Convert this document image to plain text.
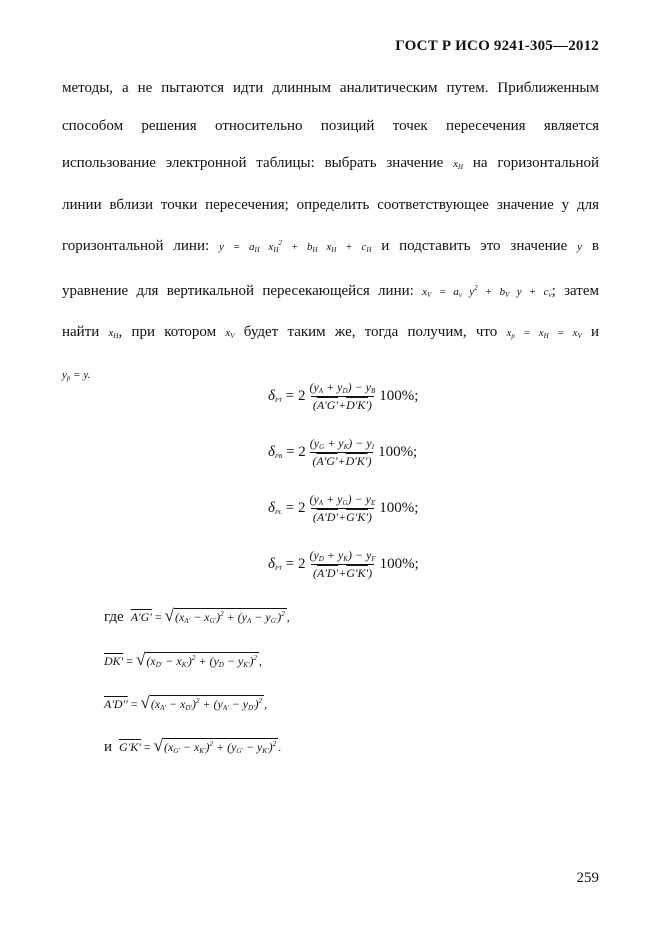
ГОСТ Р ИСО 9241-305—2012
методы, а не пытаются идти длинным аналитическим путем. Приближенным
способом решения относительно позиций точек пересечения является
использование электронной таблицы: выбрать значение $x_H$ на горизонтальной
линии вблизи точки пересечения; определить соответствующее значение y для
горизонтальной лини: $y = a_H$ $x_H^2 + b_H$ $x_H + c_H$ и подставить это значение y в
уравнение для вертикальной пересекающейся лини: $x_V = a_v$ $y^2 + b_V$ $y + c_v$; затем
найти $x_H$, при котором $x_V$ будет таким же, тогда получим, что $x_p = x_H = x_V$ и
$y_p = y$.
$\delta_{PT} = 2 \frac{(y_A + y_D) - y_B}{(A'G'+D'K')} 100\%$;
$\delta_{PB} = 2 \frac{(y_G + y_K) - y_I}{(A'G'+D'K')} 100\%$;
$\delta_{PL} = 2 \frac{(y_A + y_G) - y_E}{(A'D'+G'K')} 100\%$;
$\delta_{PT} = 2 \frac{(y_D + y_K) - y_F}{(A'D'+G'K')} 100\%$;
где $A'G' = √(x_{A'} - x_{G'})^2 + (y_A - y_{G'})^2$ ,
$DK' = √(x_{D'} - x_{K'})^2 + (y_D - y_{K'})^2$ ,
$A'D'' = √(x_{A'} - x_{D'})^2 + (y_{A'} - y_{D'})^2$ ,
и $G'K' = √(x_{G'} - x_{K'})^2 + (y_{G'} - y_{K'})^2$ .
259
